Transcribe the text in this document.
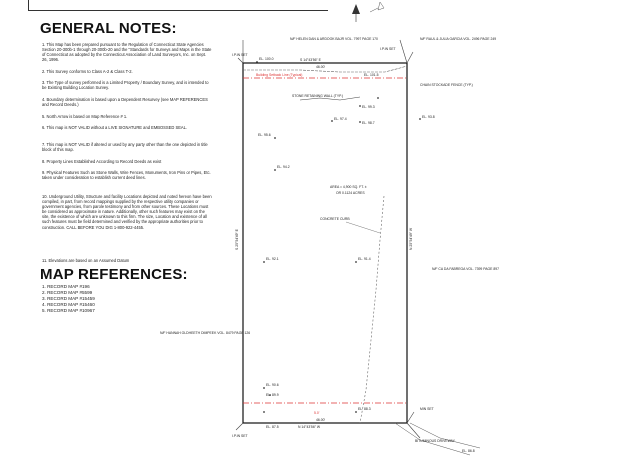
GENERAL NOTES:
1. This Map has been prepared pursuant to the Regulation of Connecticut State Agencies Section 20-300b-1 through 20-300b-20 and the "Standards for Surveys and Maps in the State of Connecticut as adopted by the Connecticut Association of Land Surveyors, Inc. on Sept. 26, 1996.
2. This Survey conforms to Class A-2 & Class T-2.
3. The Type of survey performed is a Limited Property / Boundary Survey, and is intended to be Existing Building Location Survey.
4. Boundary determination is based upon a Dependent Resurvey (see MAP REFERENCES and Record Deeds.)
5. North Arrow is based on Map Reference # 1.
6. This map is NOT VALID without a LIVE SIGNATURE and EMBOSSED SEAL.
7. This map is NOT VALID if altered or used by any party other than the one depicted in title block of this map.
8. Property Lines Established According to Record Deeds as exist
9. Physical Features Such as Stone Walls, Wire Fences, Monuments, Iron Pins or Pipes, Etc. taken under consideration to establish current deed lines.
10. Underground Utility, Structure and facility Locations depicted and noted hereon have been compiled, in part, from record mappings supplied by the respective utility companies or government agencies, from parole testimony and from other sources. These Locations must be considered as approximate in nature. Additionally, other such features may exist on the site, the existence of which are unknown to this firm. The size, Location and existence of all such features must be field determined and verified by the appropriate authorities prior to construction. CALL BEFORE YOU DIG 1-800-922-4455.
11. Elevations are based on an Assumed Datum
MAP REFERENCES:
1. RECORD MAP #196
2. RECORD MAP #5599
3. RECORD MAP #15459
4. RECORD MAP #15460
5. RECORD MAP #10967
I.P.IN SET
I.P.IN SET
I.P.IN SET
MIN SET
N/F HELEN DAN & ARDOOK BAJR VOL. 7997 PAGE 170	N/F RAUL & JULIA GARCIA VOL. 2496 PAGE 249
N/F CA DA FABREGA VOL. 7399 PAGE 897
N/F HANNAH OLDHEETH DIMPEEK VOL. 8479 PAGE 126
S 14°43'56" E
46.00'
N 14°43'56" W
46.00'
5.0'
Building Setback Line (Typical)
CHAIN STOCKADE FENCE (TYP.)
STONE RETAINING WALL (TYP.)
CONCRETE CURB
AREA = 4,900 SQ. FT. ±
OR 0.1124 ACRES
BITUMINOUS DRIVEWAY
EL. 100.0
EL. 101.5
EL. 99.3
EL. 98.7
EL. 97.4
EL. 95.6
EL. 94.2
EL. 93.8
EL. 92.1	EL. 91.4
EL. 90.6
EL. 89.9
EL. 88.3
EL. 87.5
EL. 86.8
S 25°54'49" E	N 25°54'49" W
